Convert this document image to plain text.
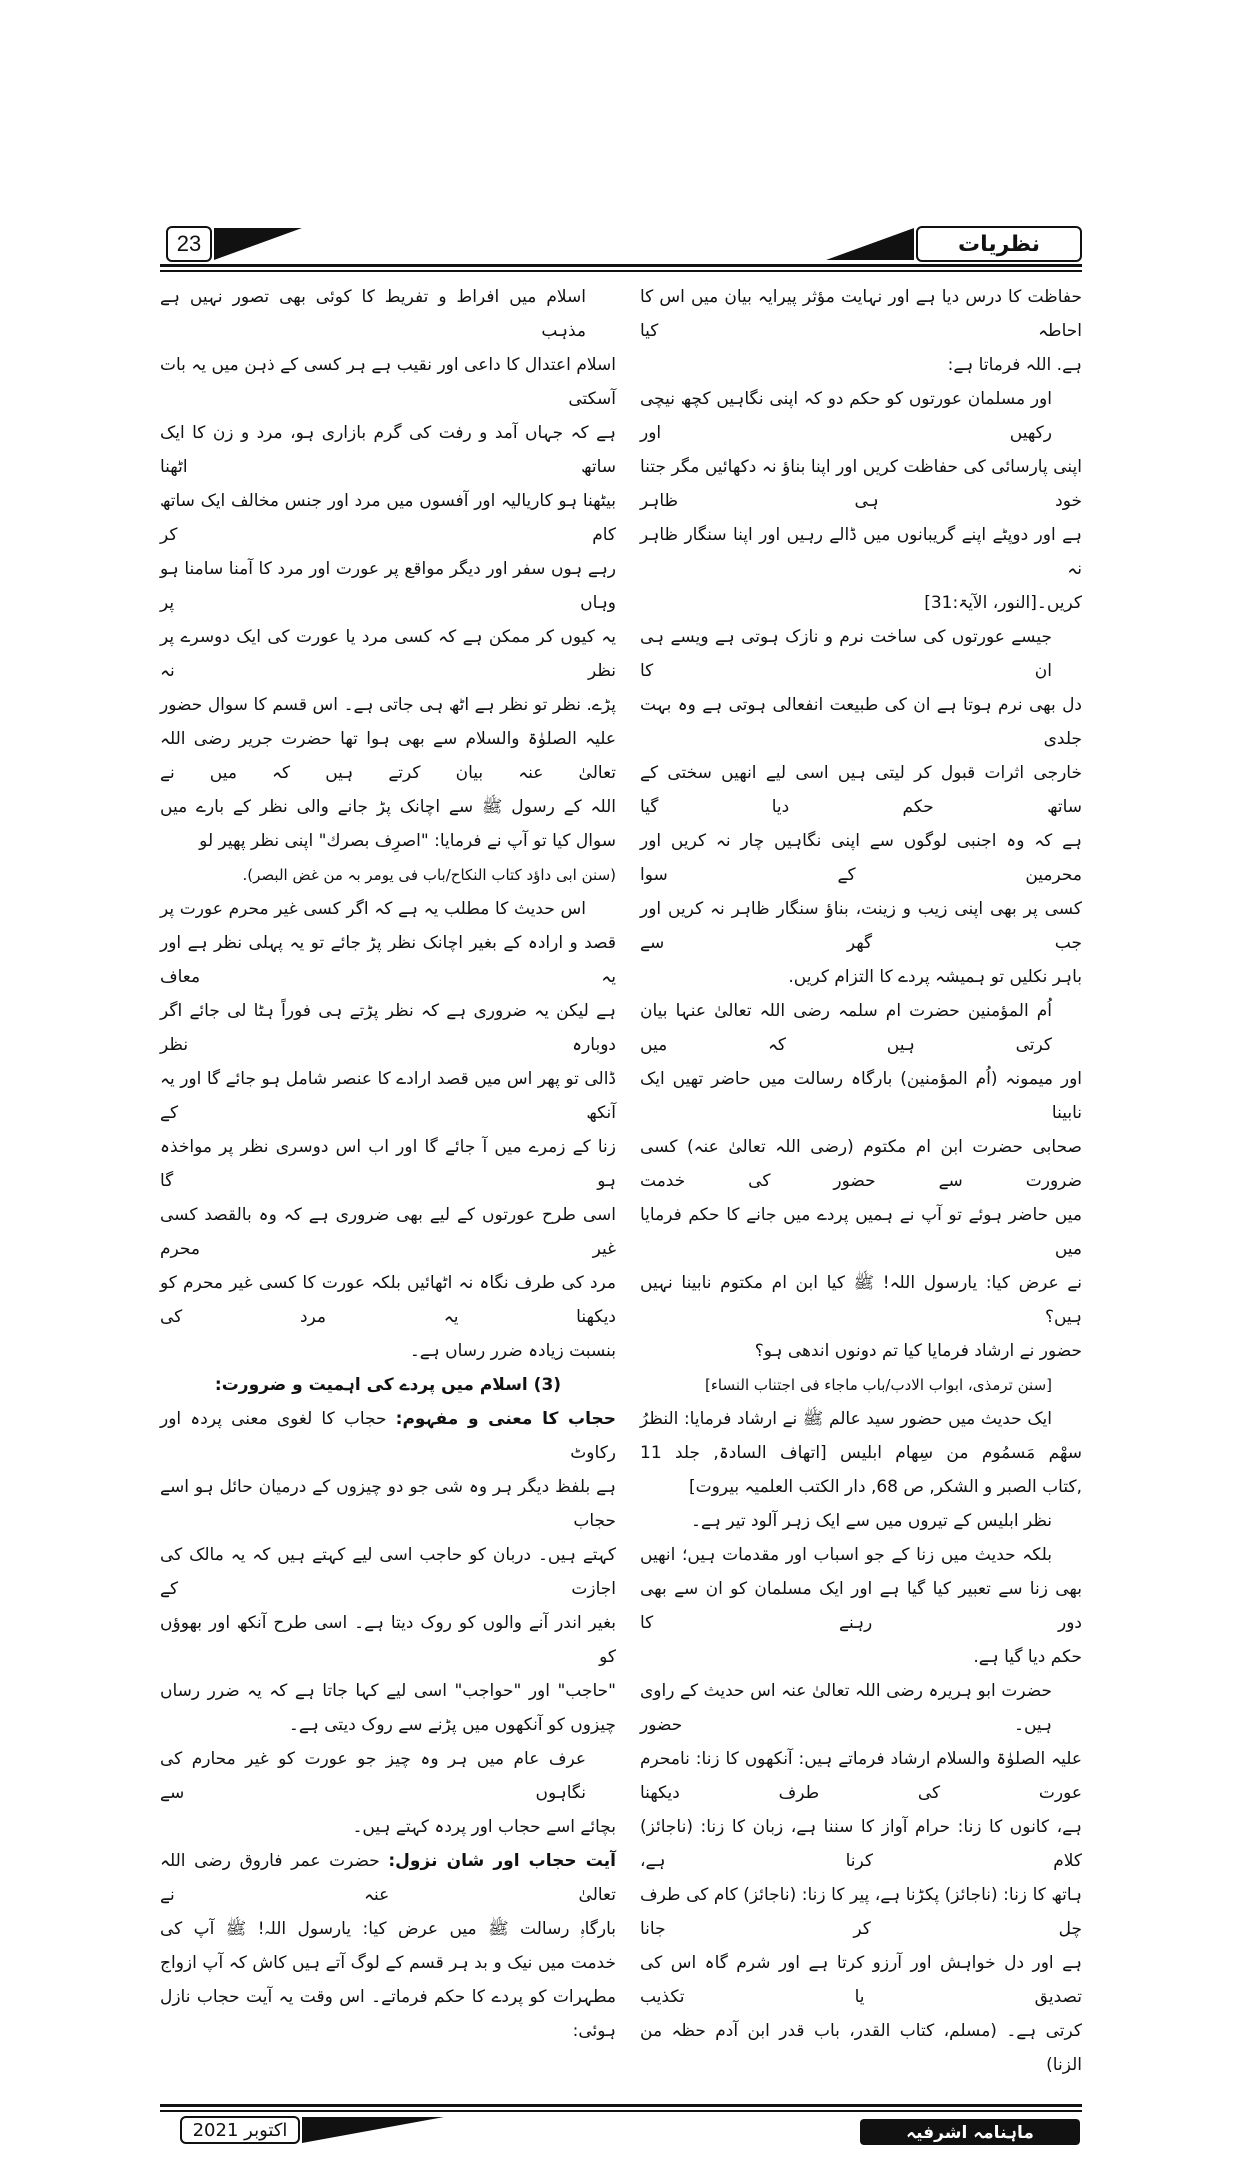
23	نظریات
حفاظت کا درس دیا ہے اور نہایت مؤثر پیرایہ بیان میں اس کا احاطہ کیا
ہے. اللہ فرماتا ہے:
اور مسلمان عورتوں کو حکم دو کہ اپنی نگاہیں کچھ نیچی رکھیں اور
اپنی پارسائی کی حفاظت کریں اور اپنا بناؤ نہ دکھائیں مگر جتنا خود ہی ظاہر
ہے اور دوپٹے اپنے گریبانوں میں ڈالے رہیں اور اپنا سنگار ظاہر نہ
کریں۔[النور، الآیۃ:31]
جیسے عورتوں کی ساخت نرم و نازک ہوتی ہے ویسے ہی ان کا
دل بھی نرم ہوتا ہے ان کی طبیعت انفعالی ہوتی ہے وہ بہت جلدی
خارجی اثرات قبول کر لیتی ہیں اسی لیے انھیں سختی کے ساتھ حکم دیا گیا
ہے کہ وہ اجنبی لوگوں سے اپنی نگاہیں چار نہ کریں اور محرمین کے سوا
کسی پر بھی اپنی زیب و زینت، بناؤ سنگار ظاہر نہ کریں اور جب گھر سے
باہر نکلیں تو ہمیشہ پردے کا التزام کریں.
اُم المؤمنین حضرت ام سلمہ رضی اللہ تعالیٰ عنہا بیان کرتی ہیں کہ میں
اور میمونہ (اُم المؤمنین) بارگاہ رسالت میں حاضر تھیں ایک نابینا
صحابی حضرت ابن ام مکتوم (رضی اللہ تعالیٰ عنہ) کسی ضرورت سے حضور کی خدمت
میں حاضر ہوئے تو آپ نے ہمیں پردے میں جانے کا حکم فرمایا میں
نے عرض کیا: یارسول اللہ! ﷺ کیا ابن ام مکتوم نابینا نہیں ہیں؟
حضور نے ارشاد فرمایا کیا تم دونوں اندھی ہو؟
[سنن ترمذی، ابواب الادب/باب ماجاء فی اجتناب النساء]
ایک حدیث میں حضور سید عالم ﷺ نے ارشاد فرمایا: النظرُ
سھْم مَسمُوم من سِھام ابلیس [اتھاف السادۃ, جلد 11
,کتاب الصبر و الشکر, ص 68, دار الکتب العلمیہ بیروت]
نظر ابلیس کے تیروں میں سے ایک زہر آلود تیر ہے۔
بلکہ حدیث میں زنا کے جو اسباب اور مقدمات ہیں؛ انھیں
بھی زنا سے تعبیر کیا گیا ہے اور ایک مسلمان کو ان سے بھی دور رہنے کا
حکم دیا گیا ہے.
حضرت ابو ہریرہ رضی اللہ تعالیٰ عنہ اس حدیث کے راوی ہیں۔ حضور
علیہ الصلوٰۃ والسلام ارشاد فرماتے ہیں: آنکھوں کا زنا: نامحرم عورت کی طرف دیکھنا
ہے، کانوں کا زنا: حرام آواز کا سننا ہے، زبان کا زنا: (ناجائز) کلام کرنا ہے،
ہاتھ کا زنا: (ناجائز) پکڑنا ہے، پیر کا زنا: (ناجائز) کام کی طرف چل کر جانا
ہے اور دل خواہش اور آرزو کرتا ہے اور شرم گاہ اس کی تصدیق یا تکذیب
کرتی ہے۔ (مسلم، کتاب القدر، باب قدر ابن آدم حظہ من الزنا)
اسلام میں افراط و تفریط کا کوئی بھی تصور نہیں ہے مذہب
اسلام اعتدال کا داعی اور نقیب ہے ہر کسی کے ذہن میں یہ بات آسکتی
ہے کہ جہاں آمد و رفت کی گرم بازاری ہو، مرد و زن کا ایک ساتھ اٹھنا
بیٹھنا ہو کاریالیہ اور آفسوں میں مرد اور جنس مخالف ایک ساتھ کام کر
رہے ہوں سفر اور دیگر مواقع پر عورت اور مرد کا آمنا سامنا ہو وہاں پر
یہ کیوں کر ممکن ہے کہ کسی مرد یا عورت کی ایک دوسرے پر نظر نہ
پڑے. نظر تو نظر ہے اٹھ ہی جاتی ہے۔ اس قسم کا سوال حضور
علیہ الصلوٰۃ والسلام سے بھی ہوا تھا حضرت جریر رضی اللہ تعالیٰ عنہ بیان کرتے ہیں کہ میں نے
اللہ کے رسول ﷺ سے اچانک پڑ جانے والی نظر کے بارے میں
سوال کیا تو آپ نے فرمایا: "اصرِف بصرك" اپنی نظر پھیر لو
(سنن ابی داؤد کتاب النکاح/باب فی یومر بہ من غض البصر).
اس حدیث کا مطلب یہ ہے کہ اگر کسی غیر محرم عورت پر
قصد و ارادہ کے بغیر اچانک نظر پڑ جائے تو یہ پہلی نظر ہے اور یہ معاف
ہے لیکن یہ ضروری ہے کہ نظر پڑتے ہی فوراً ہٹا لی جائے اگر دوبارہ نظر
ڈالی تو پھر اس میں قصد ارادے کا عنصر شامل ہو جائے گا اور یہ آنکھ کے
زنا کے زمرے میں آ جائے گا اور اب اس دوسری نظر پر مواخذہ ہو گا
اسی طرح عورتوں کے لیے بھی ضروری ہے کہ وہ بالقصد کسی غیر محرم
مرد کی طرف نگاہ نہ اٹھائیں بلکہ عورت کا کسی غیر محرم کو دیکھنا یہ مرد کی
بنسبت زیادہ ضرر رساں ہے۔
(3) اسلام میں پردے کی اہمیت و ضرورت:
حجاب کا معنی و مفہوم: حجاب کا لغوی معنی پردہ اور رکاوٹ
ہے بلفظ دیگر ہر وہ شی جو دو چیزوں کے درمیان حائل ہو اسے حجاب
کہتے ہیں۔ دربان کو حاجب اسی لیے کہتے ہیں کہ یہ مالک کی اجازت کے
بغیر اندر آنے والوں کو روک دیتا ہے۔ اسی طرح آنکھ اور بھوؤں کو
"حاجب" اور "حواجب" اسی لیے کہا جاتا ہے کہ یہ ضرر رساں
چیزوں کو آنکھوں میں پڑنے سے روک دیتی ہے۔
عرف عام میں ہر وہ چیز جو عورت کو غیر محارم کی نگاہوں سے
بچائے اسے حجاب اور پردہ کہتے ہیں۔
آیت حجاب اور شان نزول: حضرت عمر فاروق رضی اللہ تعالیٰ عنہ نے
بارگاہِ رسالت ﷺ میں عرض کیا: یارسول اللہ! ﷺ آپ کی
خدمت میں نیک و بد ہر قسم کے لوگ آتے ہیں کاش کہ آپ ازواج
مطہرات کو پردے کا حکم فرماتے۔ اس وقت یہ آیت حجاب نازل ہوئی:
اکتوبر 2021	ماہنامہ اشرفیہ
